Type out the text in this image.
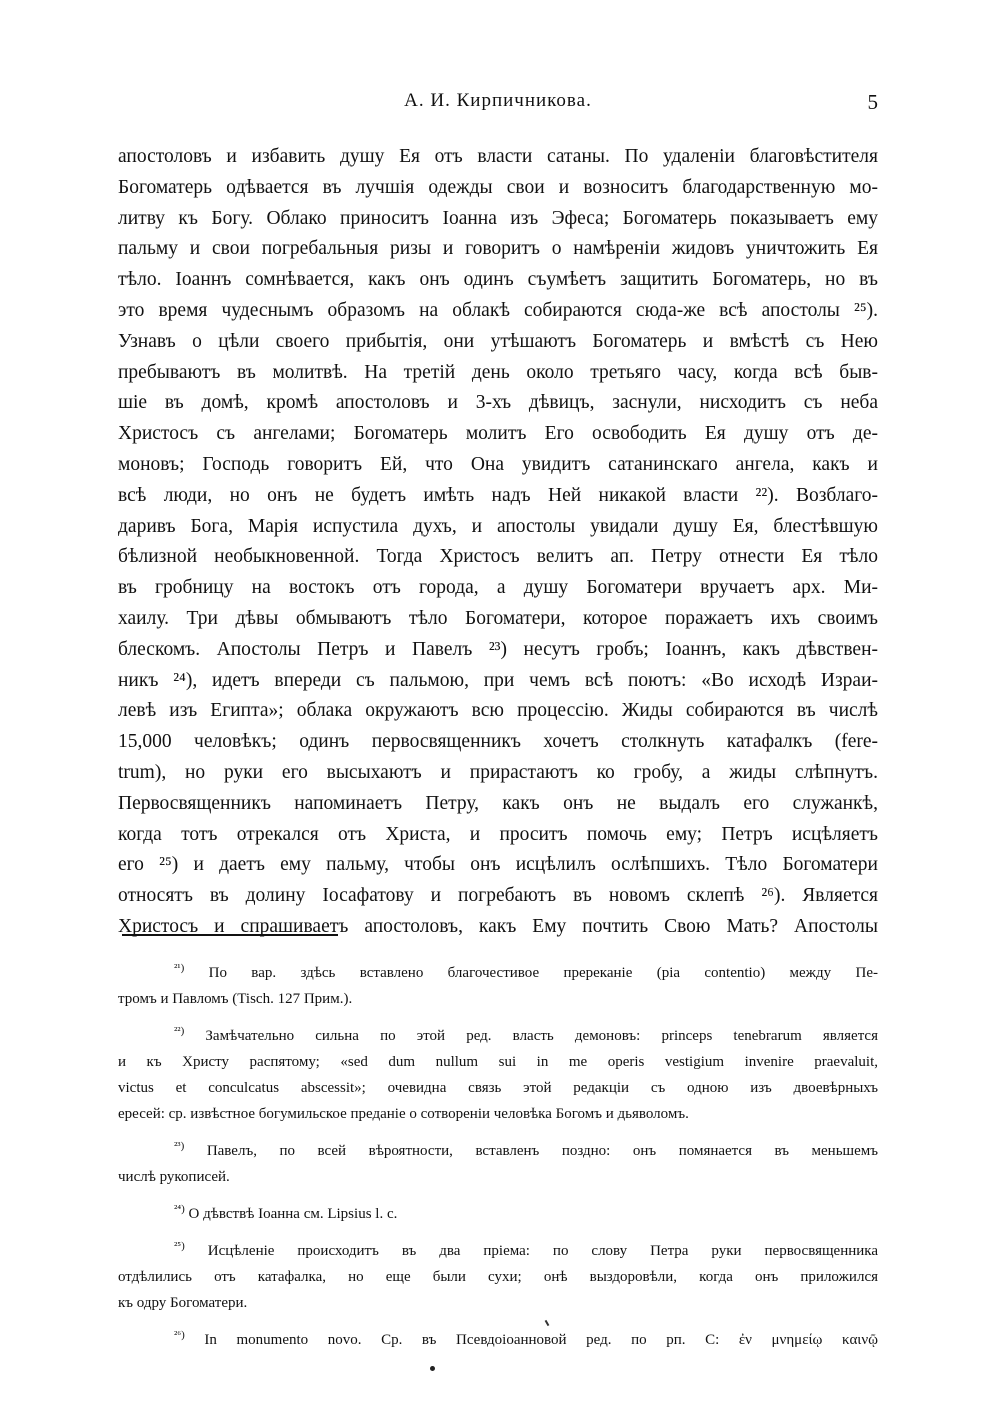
А. И. Кирпичникова.	5
апостоловъ и избавить душу Ея отъ власти сатаны. По удаленіи благовѣстителя
Богоматерь одѣвается въ лучшія одежды свои и возноситъ благодарственную мо-
литву къ Богу. Облако приноситъ Іоанна изъ Эфеса; Богоматерь показываетъ ему
пальму и свои погребальныя ризы и говоритъ о намѣреніи жидовъ уничтожить Ея
тѣло. Іоаннъ сомнѣвается, какъ онъ одинъ съумѣетъ защитить Богоматерь, но въ
это время чудеснымъ образомъ на облакѣ собираются сюда-же всѣ апостолы ²⁵).
Узнавъ о цѣли своего прибытія, они утѣшаютъ Богоматерь и вмѣстѣ съ Нею
пребываютъ въ молитвѣ. На третій день около третьяго часу, когда всѣ быв-
шіе въ домѣ, кромѣ апостоловъ и 3-хъ дѣвицъ, заснули, нисходитъ съ неба
Христосъ съ ангелами; Богоматерь молитъ Его освободить Ея душу отъ де-
моновъ; Господь говоритъ Ей, что Она увидитъ сатанинскаго ангела, какъ и
всѣ люди, но онъ не будетъ имѣть надъ Ней никакой власти ²²). Возблаго-
даривъ Бога, Марія испустила духъ, и апостолы увидали душу Ея, блестѣвшую
бѣлизной необыкновенной. Тогда Христосъ велитъ ап. Петру отнести Ея тѣло
въ гробницу на востокъ отъ города, а душу Богоматери вручаетъ арх. Ми-
хаилу. Три дѣвы обмываютъ тѣло Богоматери, которое поражаетъ ихъ своимъ
блескомъ. Апостолы Петръ и Павелъ ²³) несутъ гробъ; Іоаннъ, какъ дѣвствен-
никъ ²⁴), идетъ впереди съ пальмою, при чемъ всѣ поютъ: «Во исходѣ Израи-
левѣ изъ Египта»; облака окружаютъ всю процессію. Жиды собираются въ числѣ
15,000 человѣкъ; одинъ первосвященникъ хочетъ столкнуть катафалкъ (fere-
trum), но руки его высыхаютъ и прирастаютъ ко гробу, а жиды слѣпнутъ.
Первосвященникъ напоминаетъ Петру, какъ онъ не выдалъ его служанкѣ,
когда тотъ отрекался отъ Христа, и проситъ помочь ему; Петръ исцѣляетъ
его ²⁵) и даетъ ему пальму, чтобы онъ исцѣлилъ ослѣпшихъ. Тѣло Богоматери
относятъ въ долину Іосафатову и погребаютъ въ новомъ склепѣ ²⁶). Является
Христосъ и спрашиваетъ апостоловъ, какъ Ему почтить Свою Мать? Апостолы
$^{^{21})}$ По вар. здѣсь вставлено благочестивое пререканіе (pia contentio) между Пе-
тромъ и Павломъ (Tisch. 127 Прим.).
$^{^{22})}$ Замѣчательно сильна по этой ред. власть демоновъ: princeps tenebrarum является
и къ Христу распятому; «sed dum nullum sui in me operis vestigium invenire praevaluit,
victus et conculcatus abscessit»; очевидна связь этой редакціи съ одною изъ двоевѣрныхъ
ересей: ср. извѣстное богумильское преданіе о сотвореніи человѣка Богомъ и дьяволомъ.
$^{^{23})}$ Павелъ, по всей вѣроятности, вставленъ поздно: онъ помянается въ меньшемъ
числѣ рукописей.
$^{^{24})}$ О дѣвствѣ Іоанна см. Lipsius l. c.
$^{^{25})}$ Исцѣленіе происходитъ въ два пріема: по слову Петра руки первосвященника
отдѣлились отъ катафалка, но еще были сухи; онѣ выздоровѣли, когда онъ приложился
къ одру Богоматери.
$^{^{26})}$ In monumento novo. Ср. въ Псевдоіоанновой ред. по рп. С: ἐν μνημείῳ καινῷ
